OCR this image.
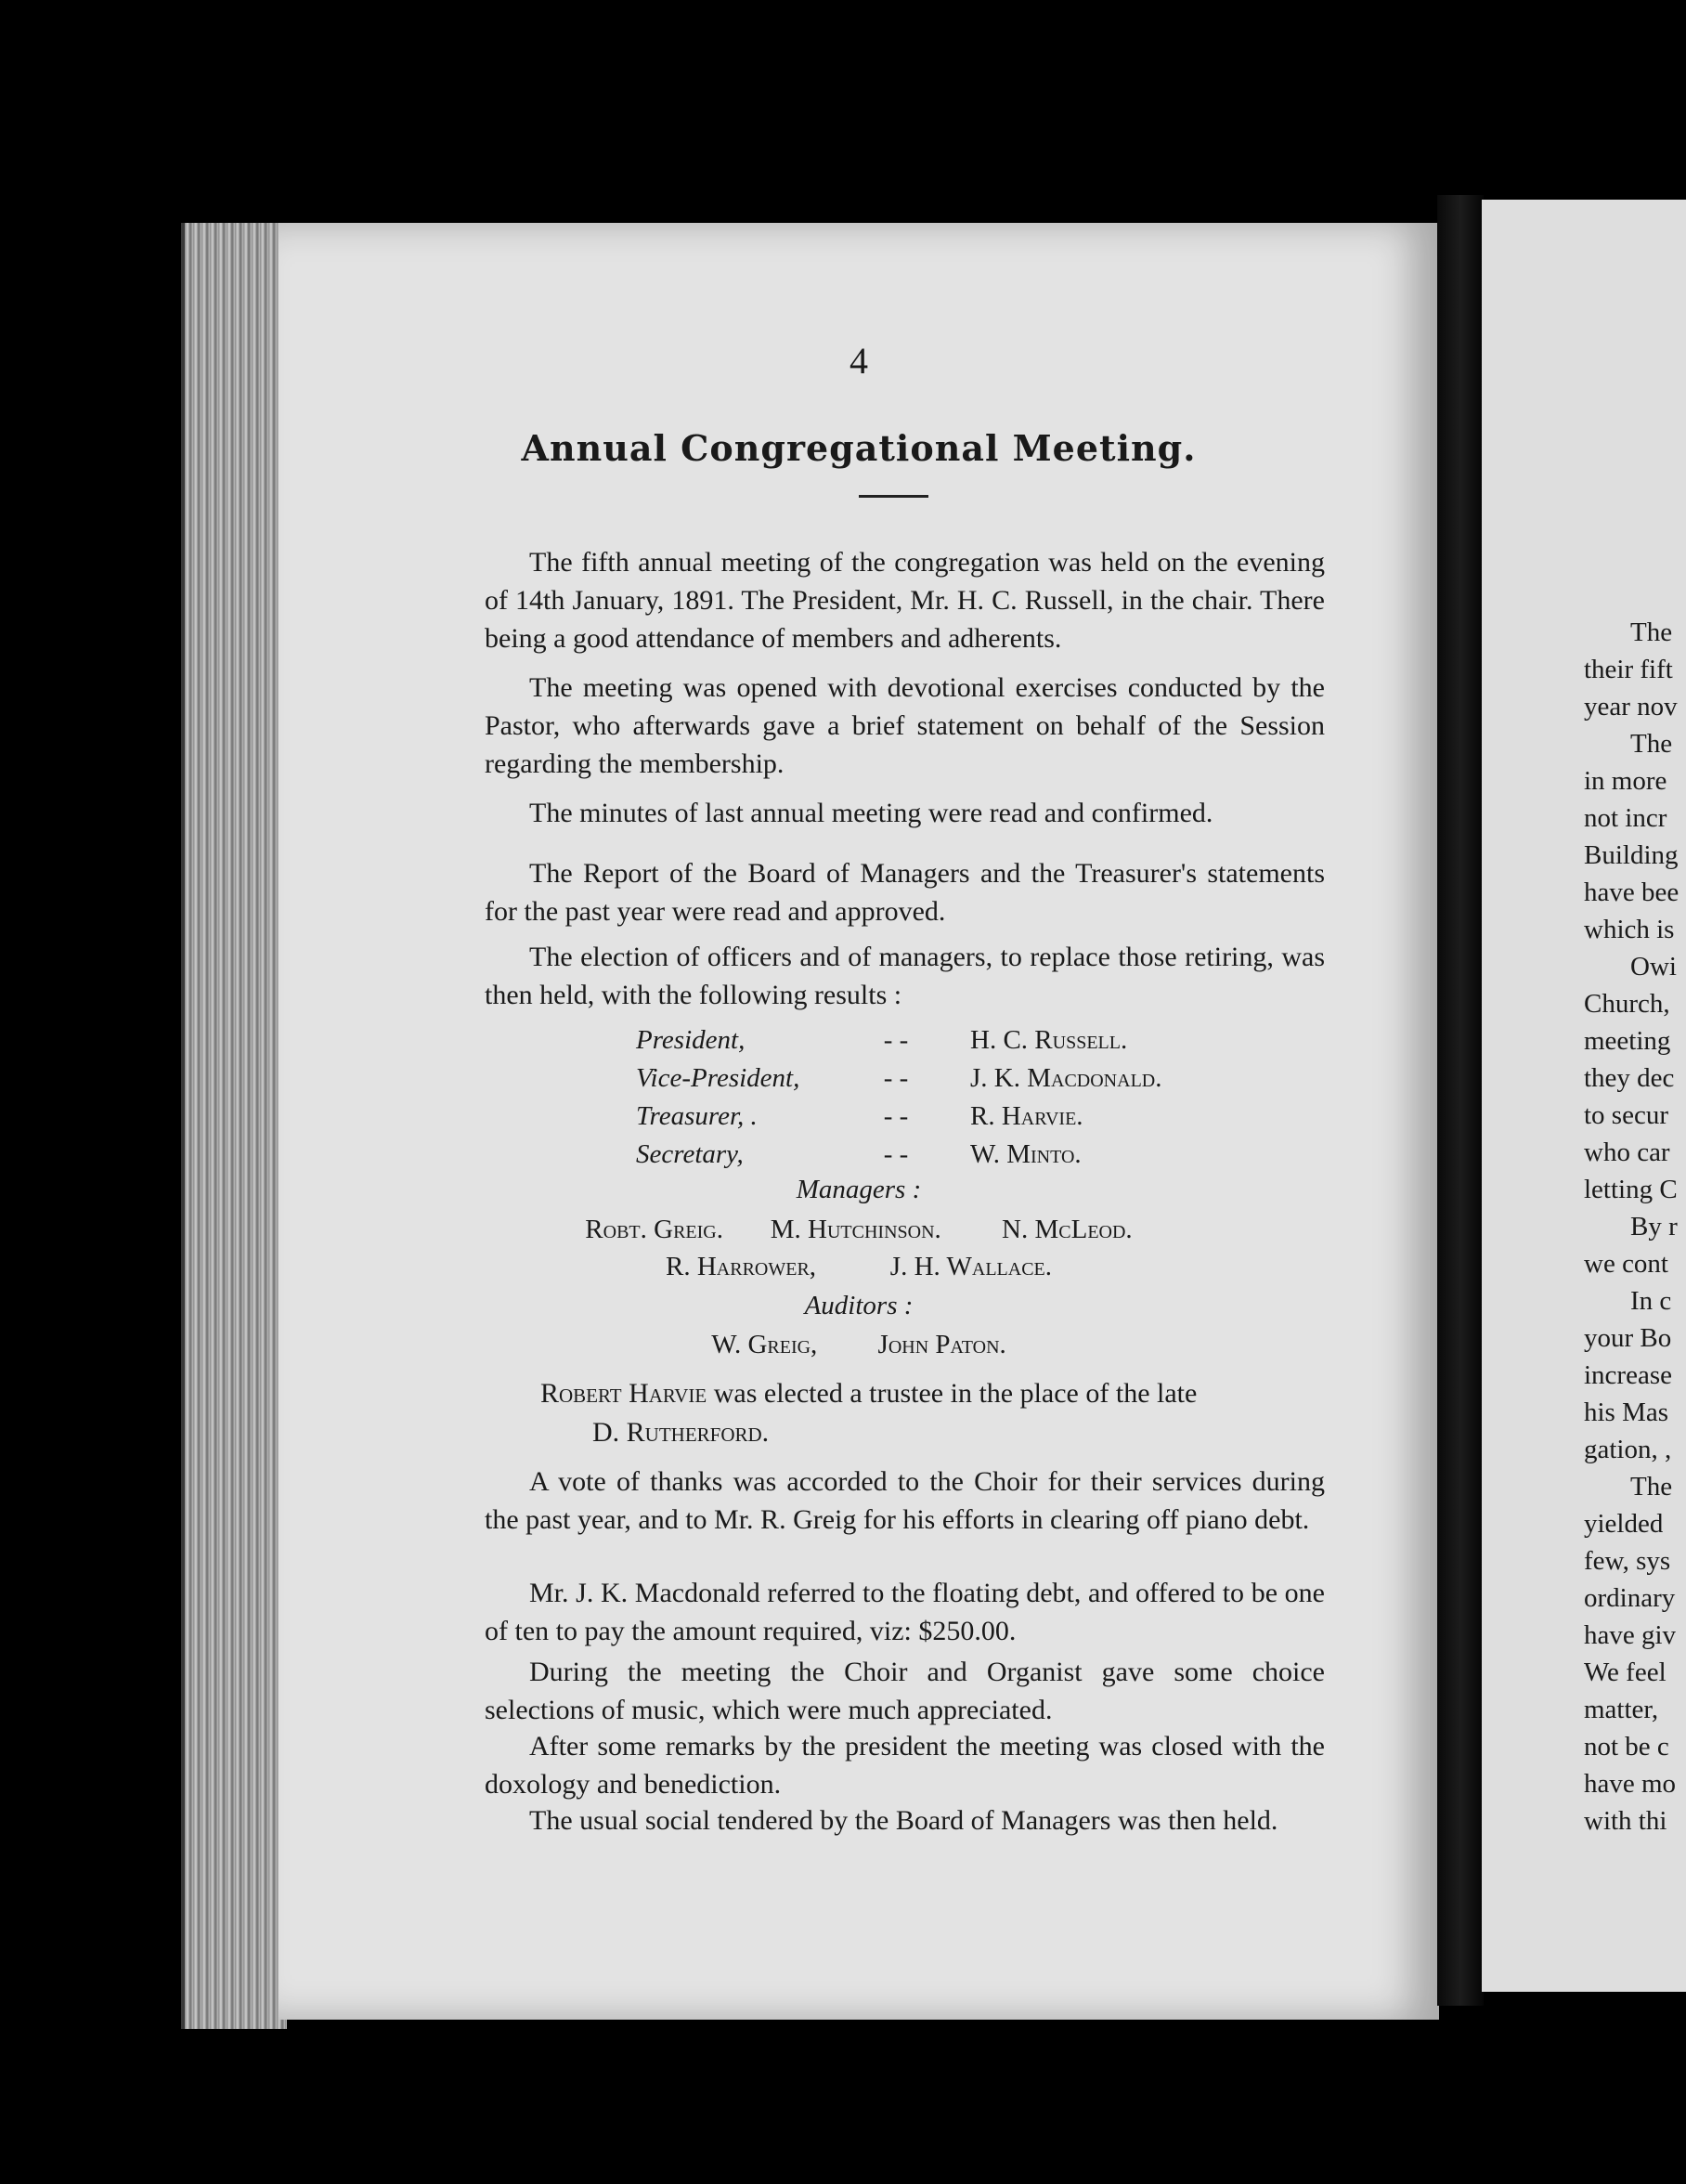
4
Annual Congregational Meeting.

The fifth annual meeting of the congregation was held on the evening of 14th January, 1891. The President, Mr. H. C. Russell, in the chair. There being a good attendance of members and adherents.

The meeting was opened with devotional exercises conducted by the Pastor, who afterwards gave a brief statement on behalf of the Session regarding the membership.

The minutes of last annual meeting were read and confirmed.

The Report of the Board of Managers and the Treasurer's statements for the past year were read and approved.

The election of officers and of managers, to replace those retiring, was then held, with the following results :

President,	- -	H. C. Russell.
Vice-President,	- -	J. K. Macdonald.
Treasurer, .	- -	R. Harvie.
Secretary,	- -	W. Minto.
Managers :
Robt. Greig. M. Hutchinson. N. McLeod.
R. Harrower,	J. H. Wallace.
Auditors :
W. Greig, John Paton.
Robert Harvie was elected a trustee in the place of the late
D. Rutherford.

A vote of thanks was accorded to the Choir for their services during the past year, and to Mr. R. Greig for his efforts in clearing off piano debt.

Mr. J. K. Macdonald referred to the floating debt, and offered to be one of ten to pay the amount required, viz: $250.00.

During the meeting the Choir and Organist gave some choice selections of music, which were much appreciated.

After some remarks by the president the meeting was closed with the doxology and benediction.

The usual social tendered by the Board of Managers was then held.

The
their fift
year nov
The
in more
not incr
Building
have bee
which is
Owi
Church,
meeting
they dec
to secur
who car
letting C
By r
we cont
In c
your Bo
increase
his Mas
gation, ,
The
yielded
few, sys
ordinary
have giv
We feel
matter,
not be c
have mo
with thi
